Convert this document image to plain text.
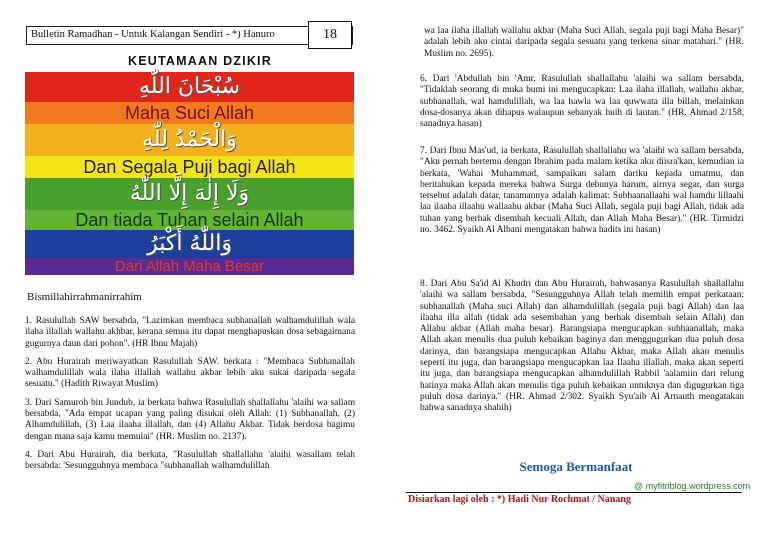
Bulletin Ramadhan - Untuk Kalangan Sendiri - *) Hanuro	18
KEUTAMAAN DZIKIR
سُبْحَانَ اللّٰهِ
Maha Suci Allah
وَالْحَمْدُ لِلّٰهِ
Dan Segala Puji bagi Allah
وَلَا إِلٰهَ إِلَّا اللّٰهُ
Dan tiada Tuhan selain Allah
وَاللّٰهُ أَكْبَرُ
Dari Allah Maha Besar
Bismillahirrahmanirrahim
1. Rasulullah SAW bersabda, "Lazimkan membaca subhanallah walhamdulillah wala ilaha illallah wallahu akhbar, kerana semua itu dapat menghapuskan dosa sebagaimana gugurnya daun dari pohon". (HR Ibnu Majah)
2. Abu Hurairah meriwayatkan Rasulullah SAW. berkata : "Membaca Subhanallah walhamdulillah wala ilaha illallah wallahu akbar lebih aku sukai daripada segala sesuatu." (Hadith Riwayat Muslim)
3. Dari Samuroh bin Jundub, ia berkata bahwa Rasulullah shallallahu 'alaihi wa sallam bersabda, "Ada empat ucapan yang paling disukai oleh Allah: (1) Subhanallah, (2) Alhamdulillah, (3) Laa ilaaha illallah, dan (4) Allahu Akbar. Tidak berdosa bagimu dengan mana saja kamu memulai" (HR. Muslim no. 2137).
4. Dari Abu Hurairah, dia berkata, "Rasulullah shallallahu 'alaihi wasallam telah bersabda: 'Sesungguhnya membaca "subhanallah walhamdulillah
wa laa ilaha illallah wallahu akbar (Maha Suci Allah, segala puji bagi Maha Besar)" adalah lebih aku cintai daripada segala sesuatu yang terkena sinar matahari." (HR. Muslim no. 2695).
6. Dari 'Abdullah bin 'Amr, Rasulullah shallallahu 'alaihi wa sallam bersabda, "Tidaklah seorang di muka bumi ini mengucapkan: Laa ilaha illallah, wallahu akbar, subhanallah, wal hamdulillah, wa laa hawla wa laa quwwata illa billah, melainkan dosa-dosanya akan dihapus walaupun sebanyak buih di lautan." (HR. Ahmad 2/158, sanadnya hasan)
7. Dari Ibnu Mas'ud, ia berkata, Rasulullah shallallahu wa 'alaihi wa sallam bersabda, "Aku pernah bertemu dengan Ibrahim pada malam ketika aku diisra'kan, kemudian ia berkata, 'Wahai Muhammad, sampaikan salam dariku kepada umatmu, dan beritahukan kepada mereka bahwa Surga debunya harum, airnya segar, dan surga tersebut adalah datar, tanamannya adalah kalimat: Subhaanallaahi wal hamdu lillaahi laa ilaaha illaahu wallaahu akbar (Maha Suci Allah, segala puji bagi Allah, tidak ada tuhan yang berhak disembah kecuali Allah, dan Allah Maha Besar)." (HR. Tirmidzi no. 3462. Syaikh Al Albani mengatakan bahwa hadits ini hasan)
8. Dari Abu Sa'id Al Khudri dan Abu Hurairah, bahwasanya Rasulullah shallallahu 'alaihi wa sallam bersabda, "Sesungguhnya Allah telah memilih empat perkataan: subhanallah (Maha suci Allah) dan alhamdulillah (segala puji bagi Allah) dan laa ilaaha illa allah (tidak ada sesembahan yang berhak disembah selain Allah) dan Allahu akbar (Allah maha besar). Barangsiapa mengucapkan subhaanallah, maka Allah akan menulis dua puluh kebaikan baginya dan menggugurkan dua puluh dosa darinya, dan barangsiapa mengucapkan Allahu Akbar, maka Allah akan menulis seperti itu juga, dan barangsiapa mengucapkan laa Ilaaha illallah, maka akan seperti itu juga, dan barangsiapa mengucapkan alhamdulillah Rabbil 'aalamiin dari relung hatinya maka Allah akan menulis tiga puluh kebaikan untuknya dan digugurkan tiga puluh dosa darinya." (HR. Ahmad 2/302. Syaikh Syu'aib Al Arnauth mengatakan bahwa sanadnya shahih)
Semoga Bermanfaat
@ myfitriblog.wordpress.com
Disiarkan lagi oleh : *) Hadi Nur Rochmat / Nanang
